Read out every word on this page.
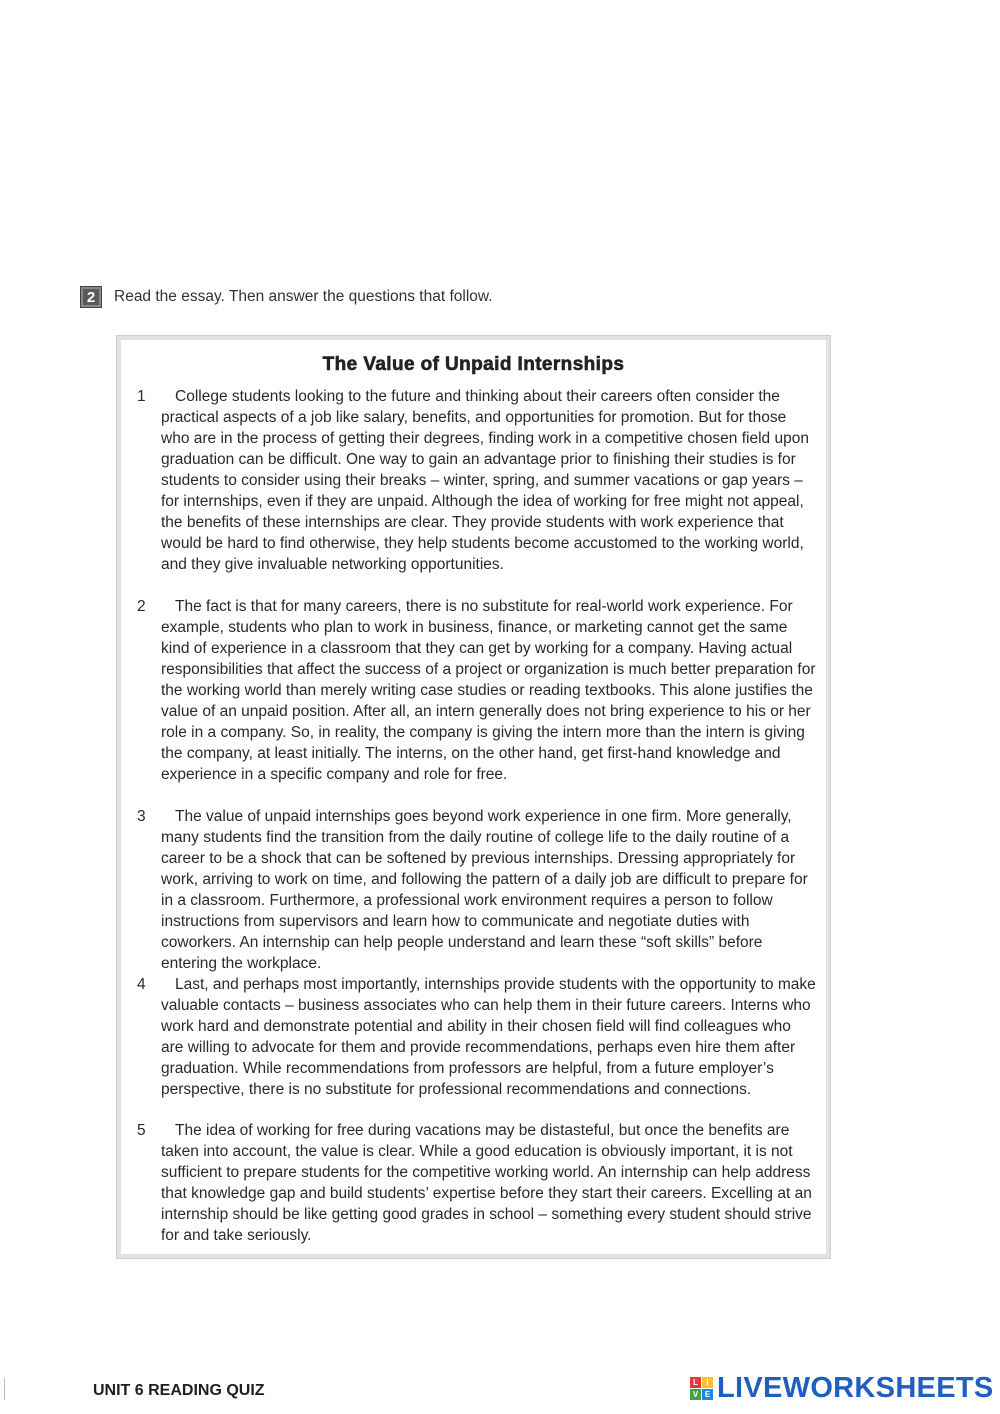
2	Read the essay. Then answer the questions that follow.
The Value of Unpaid Internships
1	College students looking to the future and thinking about their careers often consider the practical aspects of a job like salary, benefits, and opportunities for promotion. But for those who are in the process of getting their degrees, finding work in a competitive chosen field upon graduation can be difficult. One way to gain an advantage prior to finishing their studies is for students to consider using their breaks – winter, spring, and summer vacations or gap years – for internships, even if they are unpaid. Although the idea of working for free might not appeal, the benefits of these internships are clear. They provide students with work experience that would be hard to find otherwise, they help students become accustomed to the working world, and they give invaluable networking opportunities.
2	The fact is that for many careers, there is no substitute for real-world work experience. For example, students who plan to work in business, finance, or marketing cannot get the same kind of experience in a classroom that they can get by working for a company. Having actual responsibilities that affect the success of a project or organization is much better preparation for the working world than merely writing case studies or reading textbooks. This alone justifies the value of an unpaid position. After all, an intern generally does not bring experience to his or her role in a company. So, in reality, the company is giving the intern more than the intern is giving the company, at least initially. The interns, on the other hand, get first-hand knowledge and experience in a specific company and role for free.
3	The value of unpaid internships goes beyond work experience in one firm. More generally, many students find the transition from the daily routine of college life to the daily routine of a career to be a shock that can be softened by previous internships. Dressing appropriately for work, arriving to work on time, and following the pattern of a daily job are difficult to prepare for in a classroom. Furthermore, a professional work environment requires a person to follow instructions from supervisors and learn how to communicate and negotiate duties with coworkers. An internship can help people understand and learn these “soft skills” before entering the workplace.
4	Last, and perhaps most importantly, internships provide students with the opportunity to make valuable contacts – business associates who can help them in their future careers. Interns who work hard and demonstrate potential and ability in their chosen field will find colleagues who are willing to advocate for them and provide recommendations, perhaps even hire them after graduation. While recommendations from professors are helpful, from a future employer’s perspective, there is no substitute for professional recommendations and connections.
5	The idea of working for free during vacations may be distasteful, but once the benefits are taken into account, the value is clear. While a good education is obviously important, it is not sufficient to prepare students for the competitive working world. An internship can help address that knowledge gap and build students’ expertise before they start their careers. Excelling at an internship should be like getting good grades in school – something every student should strive for and take seriously.
UNIT 6 READING QUIZ	L	I
V E LIVEWORKSHEETS
